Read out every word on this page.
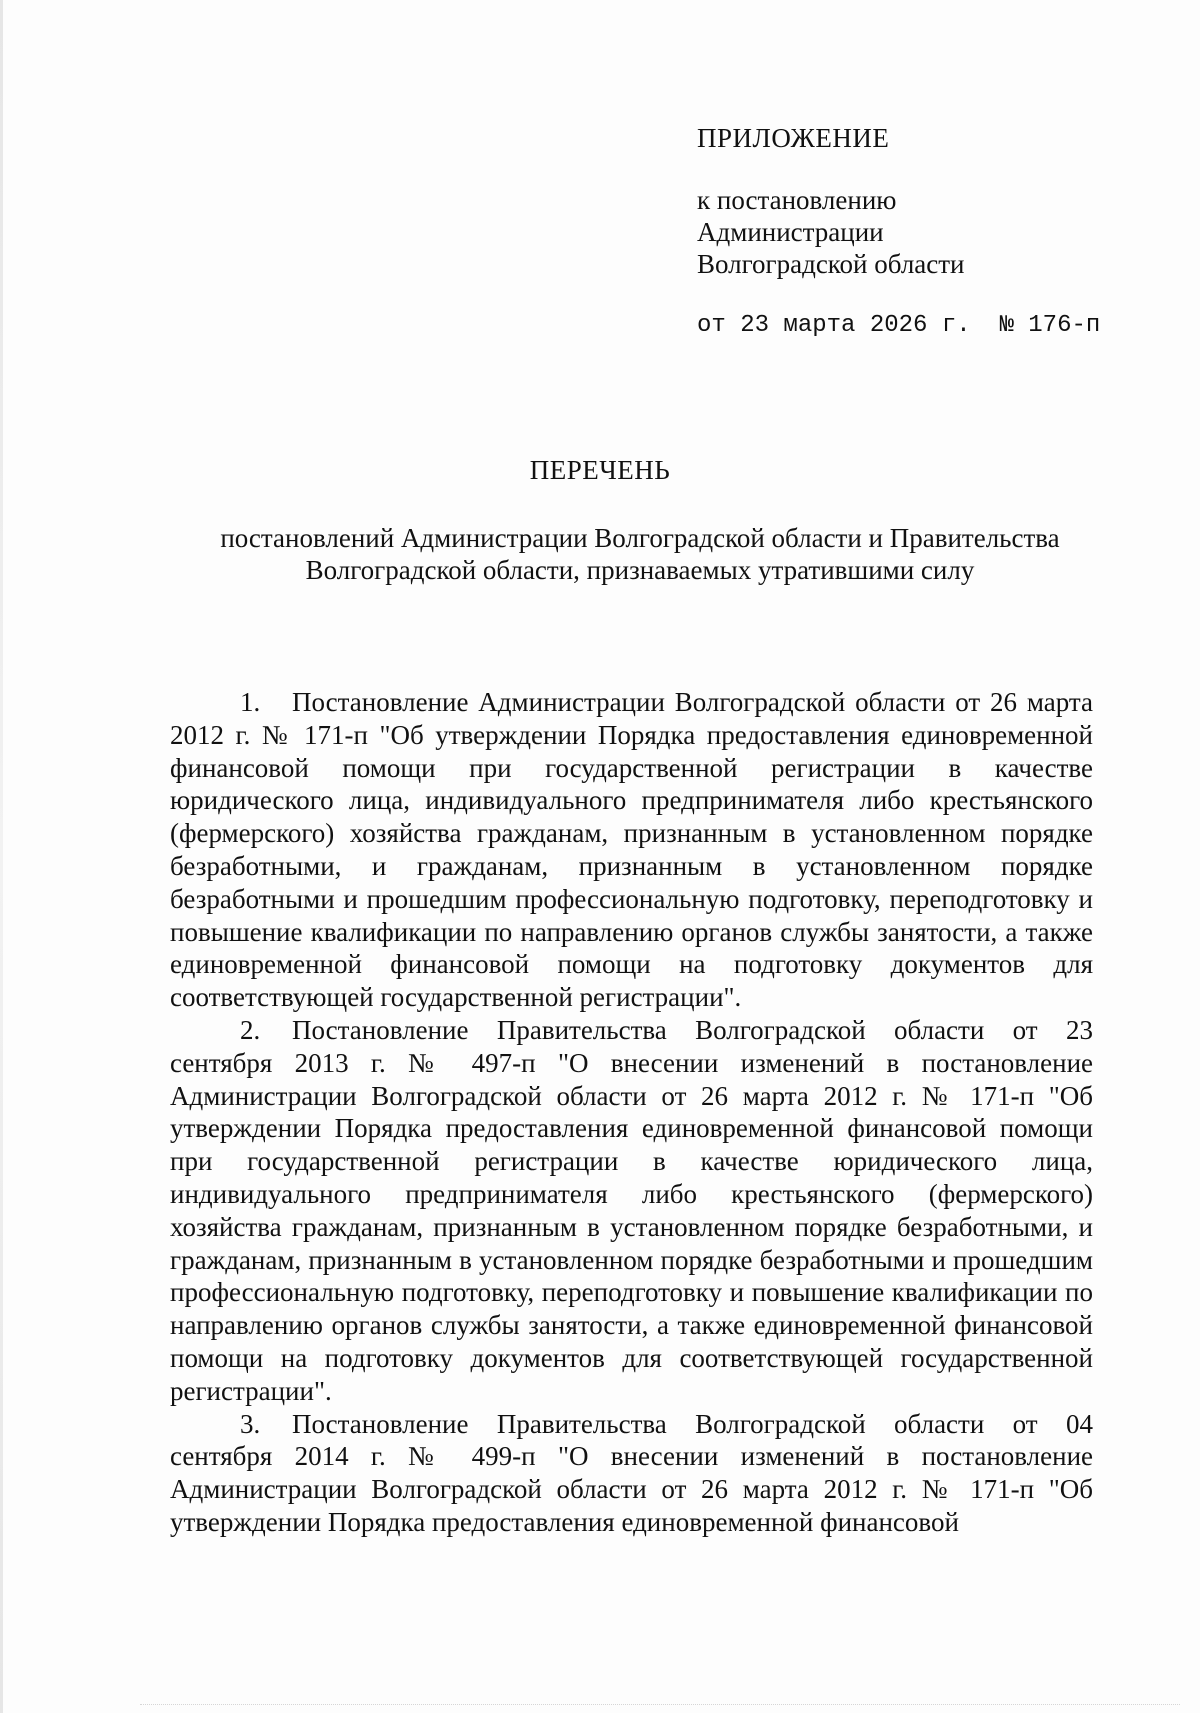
ПРИЛОЖЕНИЕ
к постановлению
Администрации
Волгоградской области
от 23 марта 2026 г. № 176-п
ПЕРЕЧЕНЬ
постановлений Администрации Волгоградской области и Правительства
Волгоградской области, признаваемых утратившими силу

1. Постановление Администрации Волгоградской области от 26 марта 2012 г. № 171-п "Об утверждении Порядка предоставления единовременной финансовой помощи при государственной регистрации в качестве юридического лица, индивидуального предпринимателя либо крестьянского (фермерского) хозяйства гражданам, признанным в установленном порядке безработными, и гражданам, признанным в установленном порядке безработными и прошедшим профессиональную подготовку, переподготовку и повышение квалификации по направлению органов службы занятости, а также единовременной финансовой помощи на подготовку документов для соответствующей государственной регистрации".

2. Постановление Правительства Волгоградской области от 23 сентября 2013 г. № 497-п "О внесении изменений в постановление Администрации Волгоградской области от 26 марта 2012 г. № 171-п "Об утверждении Порядка предоставления единовременной финансовой помощи при государственной регистрации в качестве юридического лица, индивидуального предпринимателя либо крестьянского (фермерского) хозяйства гражданам, признанным в установленном порядке безработными, и гражданам, признанным в установленном порядке безработными и прошедшим профессиональную подготовку, переподготовку и повышение квалификации по направлению органов службы занятости, а также единовременной финансовой помощи на подготовку документов для соответствующей государственной регистрации".

3. Постановление Правительства Волгоградской области от 04 сентября 2014 г. № 499-п "О внесении изменений в постановление Администрации Волгоградской области от 26 марта 2012 г. № 171-п "Об утверждении Порядка предоставления единовременной финансовой
